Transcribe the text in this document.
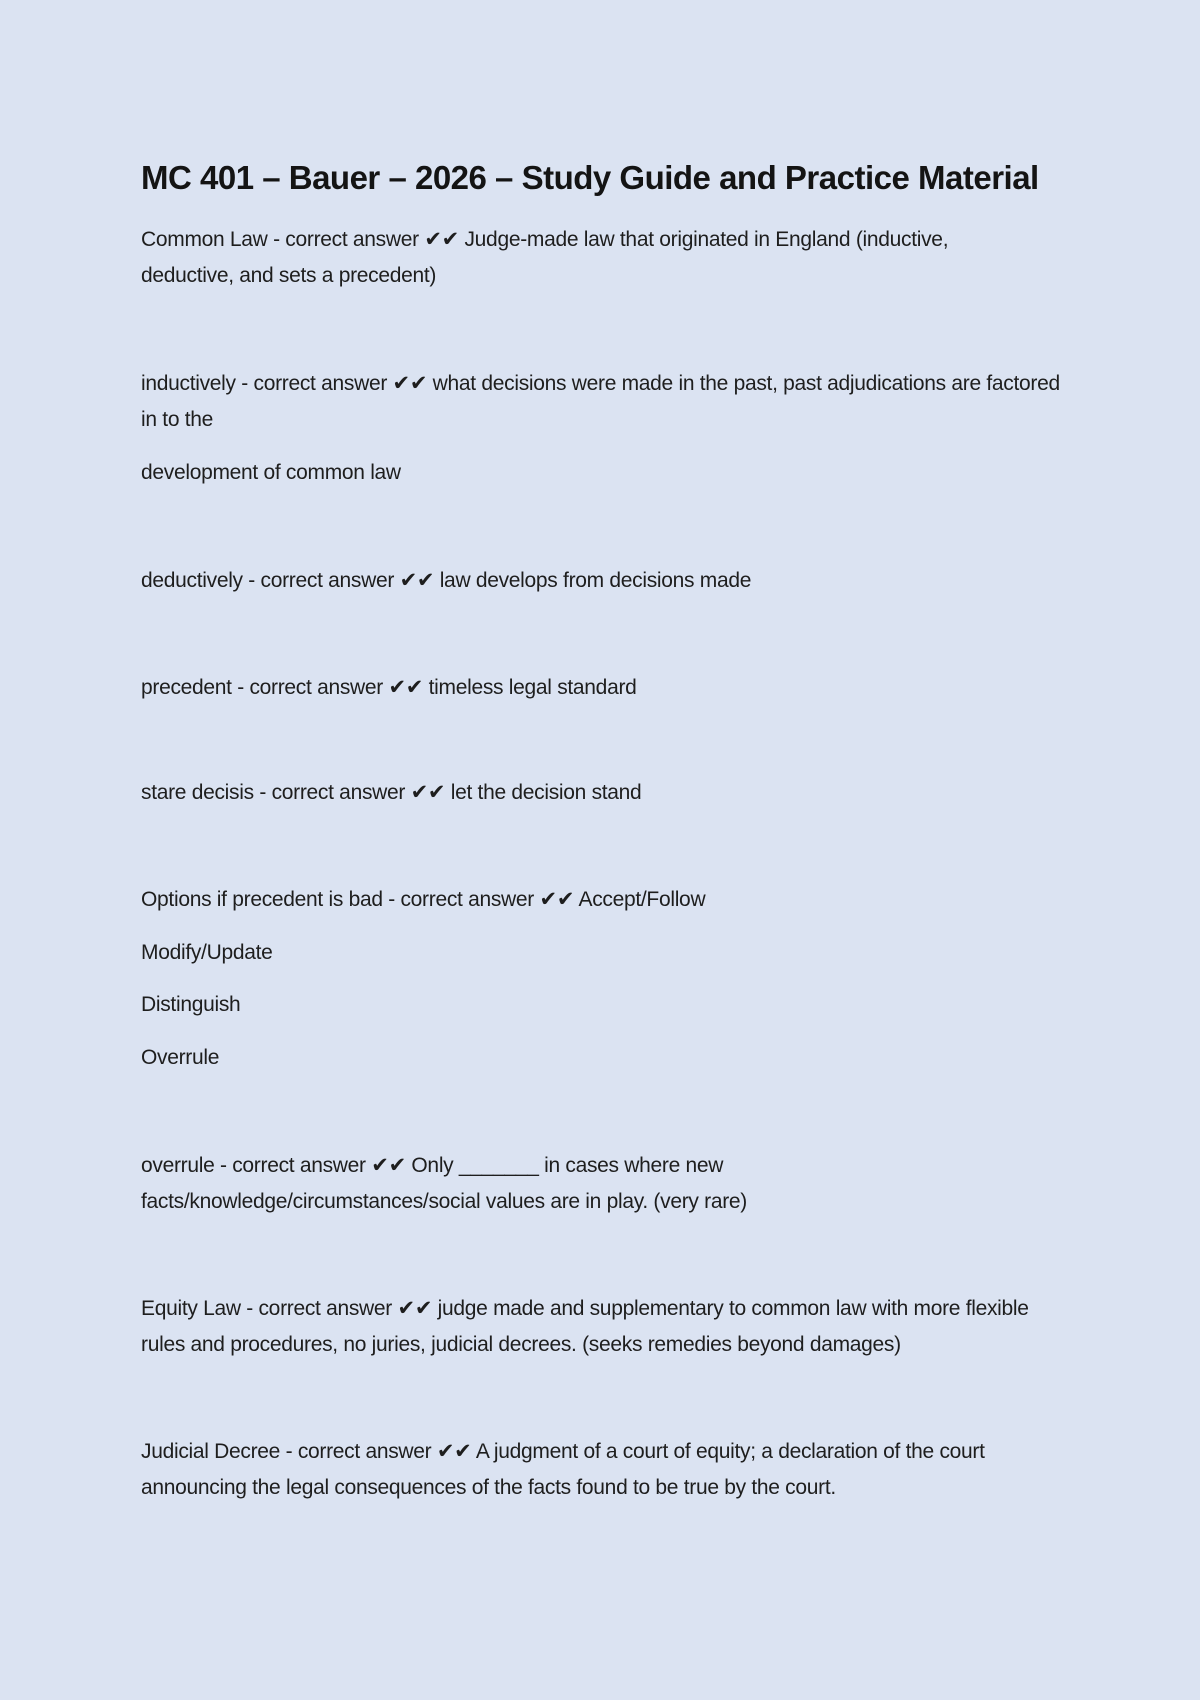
MC 401 – Bauer – 2026 – Study Guide and Practice Material

Common Law - correct answer ✔✔ Judge-made law that originated in England (inductive, deductive, and sets a precedent)

inductively - correct answer ✔✔ what decisions were made in the past, past adjudications are factored in to the

development of common law

deductively - correct answer ✔✔ law develops from decisions made

precedent - correct answer ✔✔ timeless legal standard

stare decisis - correct answer ✔✔ let the decision stand

Options if precedent is bad - correct answer ✔✔ Accept/Follow

Modify/Update

Distinguish

Overrule

overrule - correct answer ✔✔ Only _______ in cases where new facts/knowledge/circumstances/social values are in play. (very rare)

Equity Law - correct answer ✔✔ judge made and supplementary to common law with more flexible rules and procedures, no juries, judicial decrees. (seeks remedies beyond damages)

Judicial Decree - correct answer ✔✔ A judgment of a court of equity; a declaration of the court announcing the legal consequences of the facts found to be true by the court.
